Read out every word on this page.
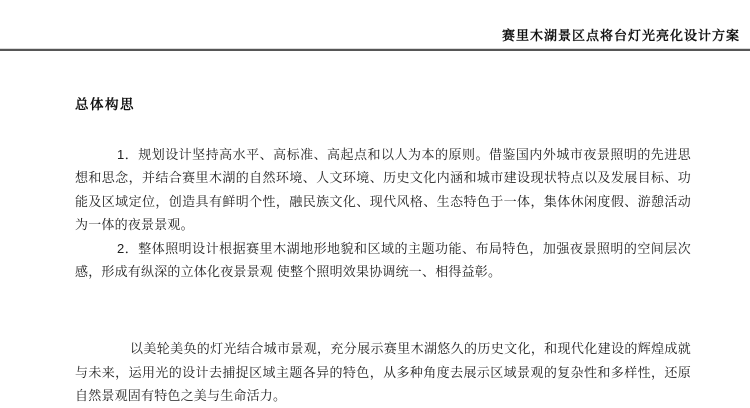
赛里木湖景区点将台灯光亮化设计方案
总体构思

1．规划设计坚持高水平、高标准、高起点和以人为本的原则。借鉴国内外城市夜景照明的先进思想和思念，并结合赛里木湖的自然环境、人文环境、历史文化内涵和城市建设现状特点以及发展目标、功能及区域定位，创造具有鲜明个性，融民族文化、现代风格、生态特色于一体，集体休闲度假、游憩活动为一体的夜景景观。

2．整体照明设计根据赛里木湖地形地貌和区域的主题功能、布局特色，加强夜景照明的空间层次感，形成有纵深的立体化夜景景观 使整个照明效果协调统一、相得益彰。

以美轮美奂的灯光结合城市景观，充分展示赛里木湖悠久的历史文化，和现代化建设的辉煌成就与未来，运用光的设计去捕捉区域主题各异的特色，从多种角度去展示区域景观的复杂性和多样性，还原自然景观固有特色之美与生命活力。
